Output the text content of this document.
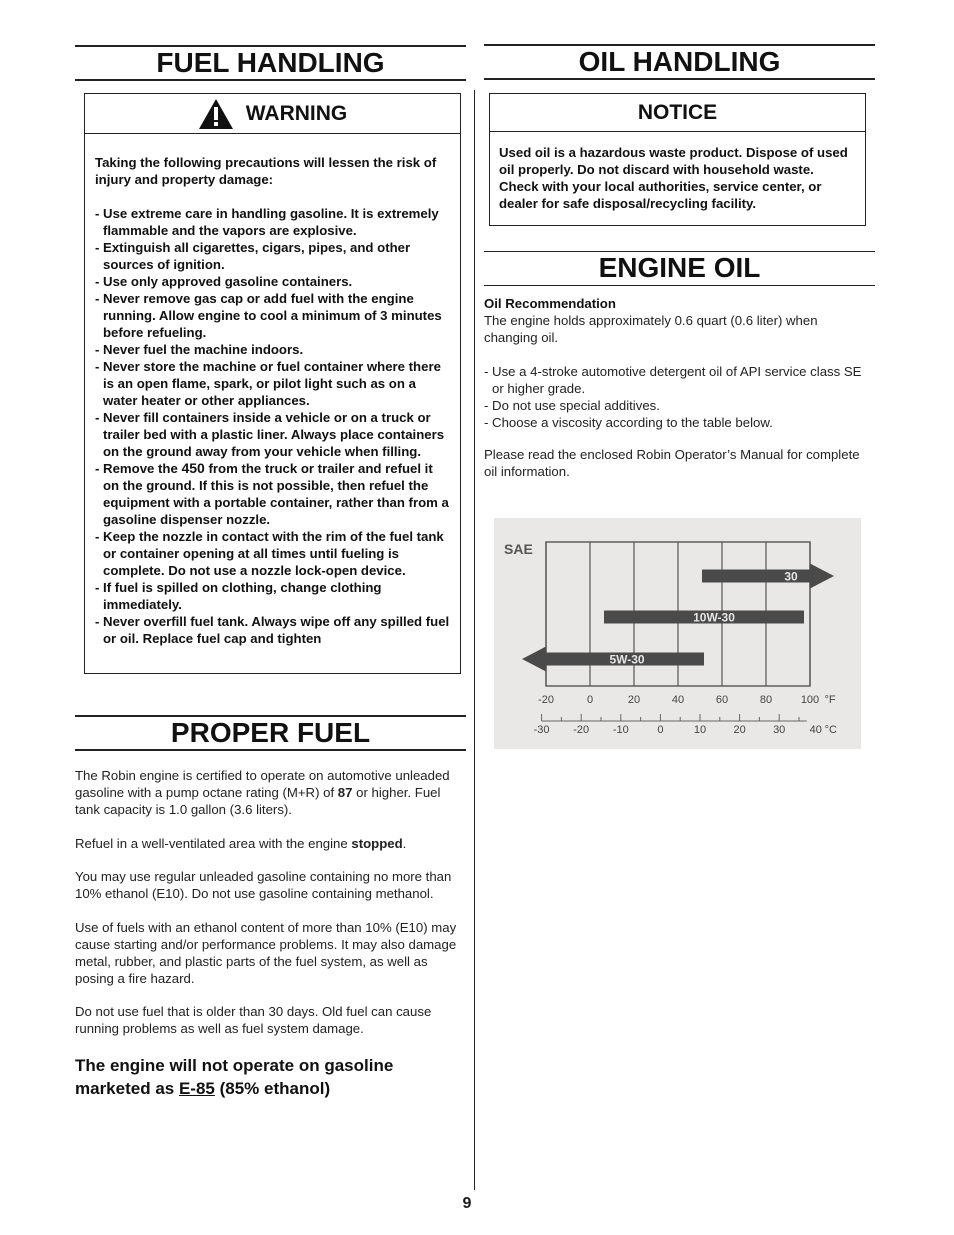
FUEL HANDLING
WARNING

Taking the following precautions will lessen the risk of injury and property damage:

- Use extreme care in handling gasoline. It is extremely flammable and the vapors are explosive.
- Extinguish all cigarettes, cigars, pipes, and other sources of ignition.
- Use only approved gasoline containers.
- Never remove gas cap or add fuel with the engine running. Allow engine to cool a minimum of 3 minutes before refueling.
- Never fuel the machine indoors.
- Never store the machine or fuel container where there is an open flame, spark, or pilot light such as on a water heater or other appliances.
- Never fill containers inside a vehicle or on a truck or trailer bed with a plastic liner. Always place containers on the ground away from your vehicle when filling.
- Remove the 450 from the truck or trailer and refuel it on the ground. If this is not possible, then refuel the equipment with a portable container, rather than from a gasoline dispenser nozzle.
- Keep the nozzle in contact with the rim of the fuel tank or container opening at all times until fueling is complete. Do not use a nozzle lock-open device.
- If fuel is spilled on clothing, change clothing immediately.
- Never overfill fuel tank. Always wipe off any spilled fuel or oil. Replace fuel cap and tighten
PROPER FUEL

The Robin engine is certified to operate on automotive unleaded gasoline with a pump octane rating (M+R) of 87 or higher. Fuel tank capacity is 1.0 gallon (3.6 liters).

Refuel in a well-ventilated area with the engine stopped.

You may use regular unleaded gasoline containing no more than 10% ethanol (E10). Do not use gasoline containing methanol.

Use of fuels with an ethanol content of more than 10% (E10) may cause starting and/or performance problems. It may also damage metal, rubber, and plastic parts of the fuel system, as well as posing a fire hazard.

Do not use fuel that is older than 30 days. Old fuel can cause running problems as well as fuel system damage.

The engine will not operate on gasoline marketed as E-85 (85% ethanol)

OIL HANDLING
NOTICE

Used oil is a hazardous waste product. Dispose of used oil properly. Do not discard with household waste. Check with your local authorities, service center, or dealer for safe disposal/recycling facility.

ENGINE OIL

Oil Recommendation

The engine holds approximately 0.6 quart (0.6 liter) when changing oil.

- Use a 4-stroke automotive detergent oil of API service class SE or higher grade.
- Do not use special additives.
- Choose a viscosity according to the table below.

Please read the enclosed Robin Operator’s Manual for complete oil information.

SAE
30
10W-30
5W-30
-20	0	20	40	60	80	100 °F
-30 -20 -10	0	10 20 30 40 °C
9
